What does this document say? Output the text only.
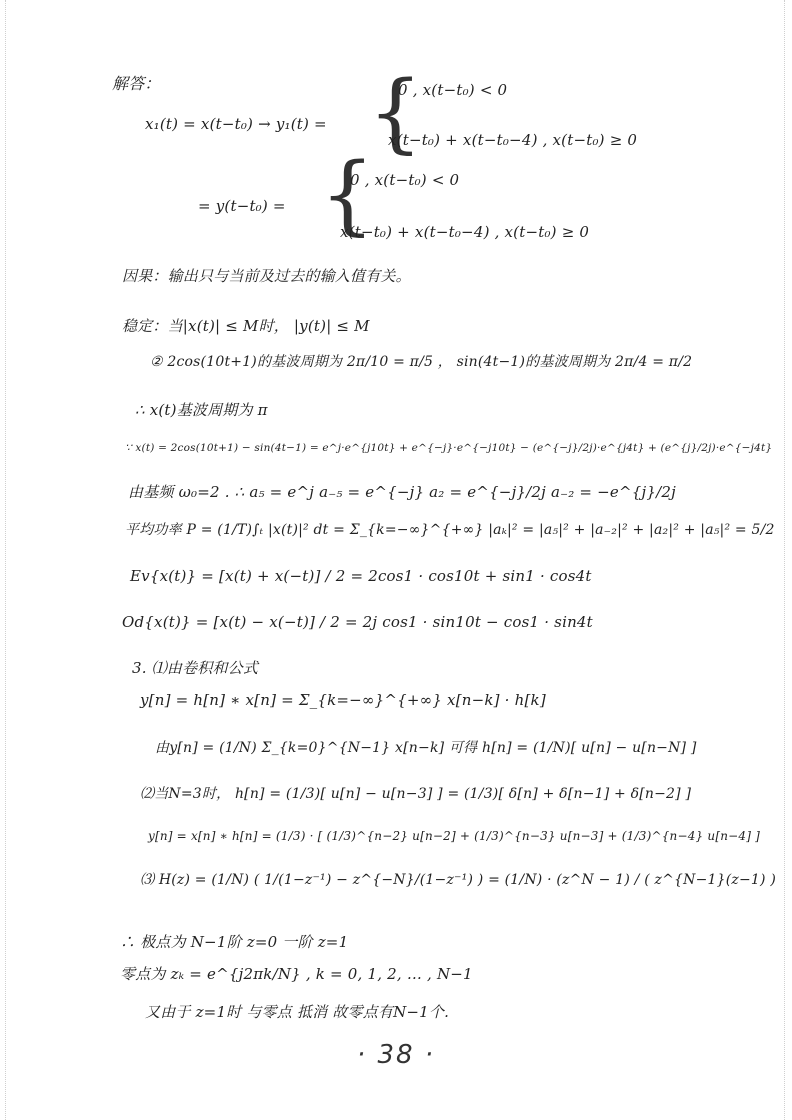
解答：
x₁(t) = x(t−t₀) → y₁(t) = {
0 , x(t−t₀) < 0
x(t−t₀) + x(t−t₀−4) , x(t−t₀) ≥ 0
= y(t−t₀) = {
0 , x(t−t₀) < 0
x(t−t₀) + x(t−t₀−4) , x(t−t₀) ≥ 0
因果：输出只与当前及过去的输入值有关。
稳定：当|x(t)| ≤ M时， |y(t)| ≤ M
② 2cos(10t+1)的基波周期为 2π/10 = π/5 ， sin(4t−1)的基波周期为 2π/4 = π/2
∴ x(t)基波周期为 π
∵ x(t) = 2cos(10t+1) − sin(4t−1) = e^j·e^{j10t} + e^{−j}·e^{−j10t} − (e^{−j}/2j)·e^{j4t} + (e^{j}/2j)·e^{−j4t}
由基频 ω₀=2 . ∴ a₅ = e^j a₋₅ = e^{−j} a₂ = e^{−j}/2j a₋₂ = −e^{j}/2j
平均功率 P = (1/T)∫ₜ |x(t)|² dt = Σ_{k=−∞}^{+∞} |aₖ|² = |a₅|² + |a₋₂|² + |a₂|² + |a₅|² = 5/2
Ev{x(t)} = [x(t) + x(−t)] / 2 = 2cos1 · cos10t + sin1 · cos4t
Od{x(t)} = [x(t) − x(−t)] / 2 = 2j cos1 · sin10t − cos1 · sin4t
3. ⑴由卷积和公式
y[n] = h[n] ∗ x[n] = Σ_{k=−∞}^{+∞} x[n−k] · h[k]
由y[n] = (1/N) Σ_{k=0}^{N−1} x[n−k] 可得 h[n] = (1/N)[ u[n] − u[n−N] ]
⑵当N=3时， h[n] = (1/3)[ u[n] − u[n−3] ] = (1/3)[ δ[n] + δ[n−1] + δ[n−2] ]
y[n] = x[n] ∗ h[n] = (1/3) · [ (1/3)^{n−2} u[n−2] + (1/3)^{n−3} u[n−3] + (1/3)^{n−4} u[n−4] ]
⑶ H(z) = (1/N) ( 1/(1−z⁻¹) − z^{−N}/(1−z⁻¹) ) = (1/N) · (z^N − 1) / ( z^{N−1}(z−1) )
∴ 极点为 N−1阶 z=0 一阶 z=1
零点为 zₖ = e^{j2πk/N} , k = 0, 1, 2, … , N−1
又由于 z=1时 与零点 抵消 故零点有N−1个.
· 38 ·
